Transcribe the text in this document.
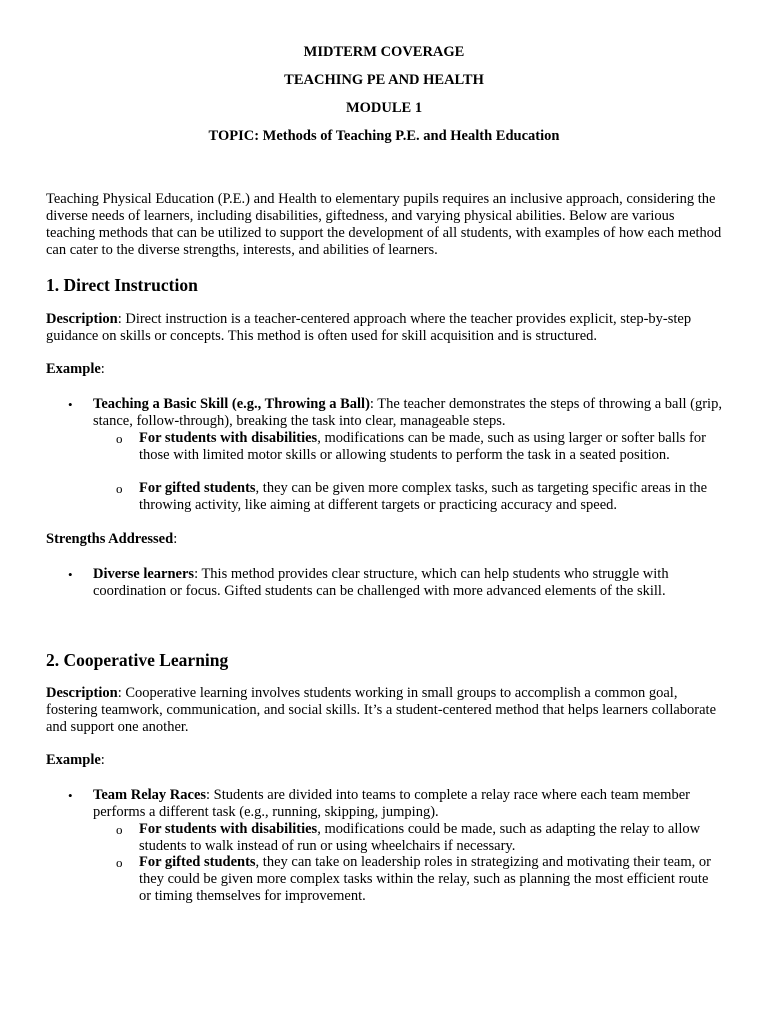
MIDTERM COVERAGE
TEACHING PE AND HEALTH
MODULE 1
TOPIC: Methods of Teaching P.E. and Health Education
Teaching Physical Education (P.E.) and Health to elementary pupils requires an inclusive approach, considering the diverse needs of learners, including disabilities, giftedness, and varying physical abilities. Below are various teaching methods that can be utilized to support the development of all students, with examples of how each method can cater to the diverse strengths, interests, and abilities of learners.
1. Direct Instruction
Description: Direct instruction is a teacher-centered approach where the teacher provides explicit, step-by-step guidance on skills or concepts. This method is often used for skill acquisition and is structured.
Example:
• Teaching a Basic Skill (e.g., Throwing a Ball): The teacher demonstrates the steps of throwing a ball (grip, stance, follow-through), breaking the task into clear, manageable steps.
o For students with disabilities, modifications can be made, such as using larger or softer balls for those with limited motor skills or allowing students to perform the task in a seated position.
o For gifted students, they can be given more complex tasks, such as targeting specific areas in the throwing activity, like aiming at different targets or practicing accuracy and speed.
Strengths Addressed:
• Diverse learners: This method provides clear structure, which can help students who struggle with coordination or focus. Gifted students can be challenged with more advanced elements of the skill.
2. Cooperative Learning
Description: Cooperative learning involves students working in small groups to accomplish a common goal, fostering teamwork, communication, and social skills. It’s a student-centered method that helps learners collaborate and support one another.
Example:
• Team Relay Races: Students are divided into teams to complete a relay race where each team member performs a different task (e.g., running, skipping, jumping).
o For students with disabilities, modifications could be made, such as adapting the relay to allow students to walk instead of run or using wheelchairs if necessary.
o For gifted students, they can take on leadership roles in strategizing and motivating their team, or they could be given more complex tasks within the relay, such as planning the most efficient route or timing themselves for improvement.
